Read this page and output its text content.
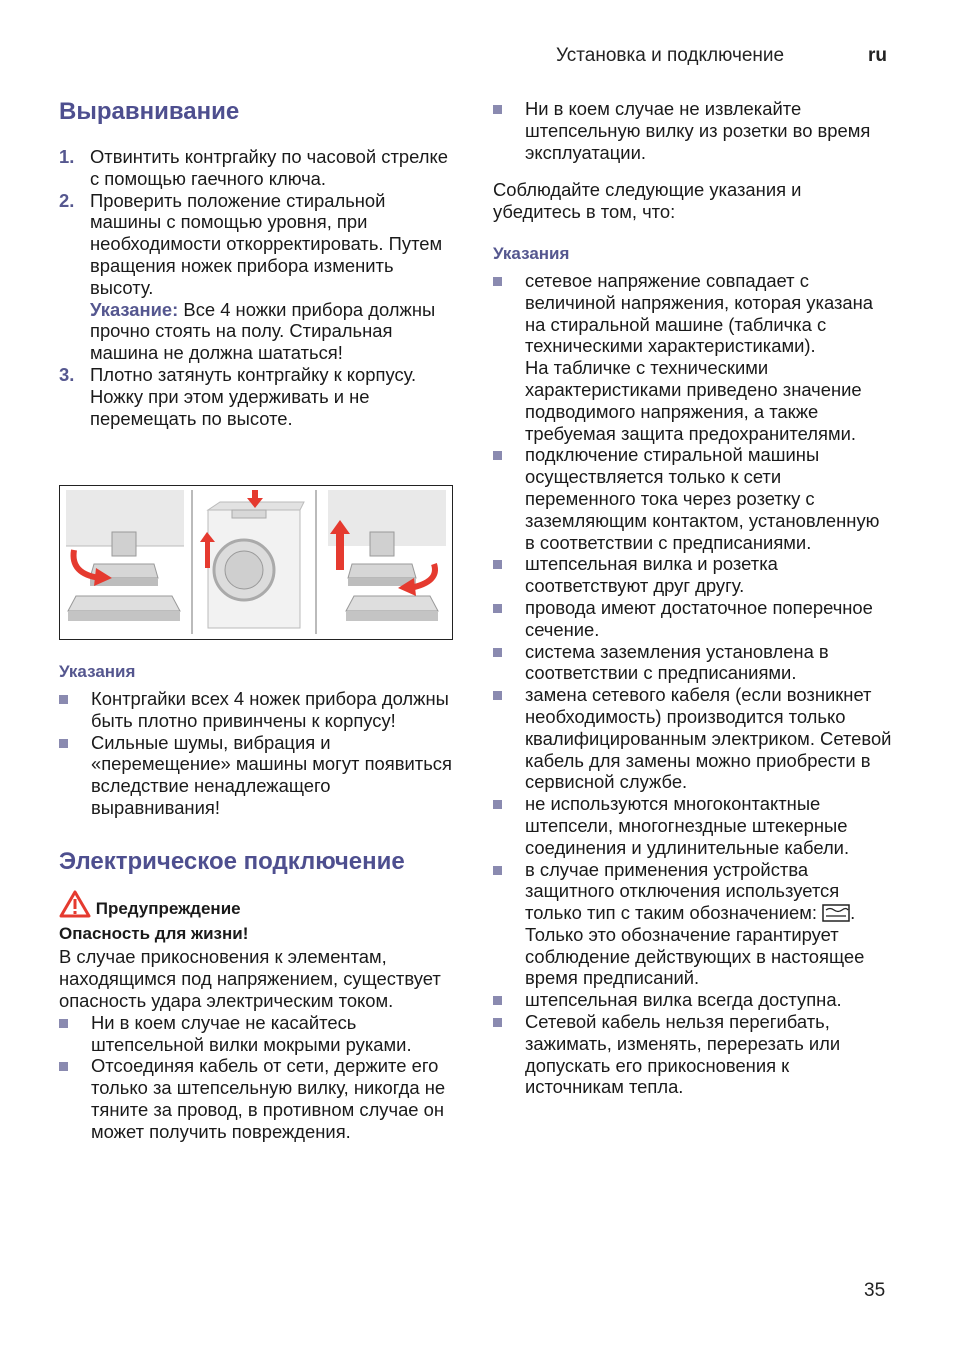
Установка и подключение	ru
Выравнивание
1. Отвинтить контргайку по часовой стрелке с помощью гаечного ключа.
2. Проверить положение стиральной машины с помощью уровня, при необходимости откорректировать. Путем вращения ножек прибора изменить высоту.
Указание: Все 4 ножки прибора должны прочно стоять на полу. Стиральная машина не должна шататься!
3. Плотно затянуть контргайку к корпусу.
Ножку при этом удерживать и не перемещать по высоте.
Указания
Контргайки всех 4 ножек прибора должны быть плотно привинчены к корпусу!
Сильные шумы, вибрация и «перемещение» машины могут появиться вследствие ненадлежащего выравнивания!
Электрическое подключение
Предупреждение
Опасность для жизни!

В случае прикосновения к элементам, находящимся под напряжением, существует опасность удара электрическим током.

Ни в коем случае не касайтесь штепсельной вилки мокрыми руками.
Отсоединяя кабель от сети, держите его только за штепсельную вилку, никогда не тяните за провод, в противном случае он может получить повреждения.
Ни в коем случае не извлекайте штепсельную вилку из розетки во время эксплуатации.

Соблюдайте следующие указания и убедитесь в том, что:

Указания
сетевое напряжение совпадает с величиной напряжения, которая указана на стиральной машине (табличка с техническими характеристиками).
На табличке с техническими характеристиками приведено значение подводимого напряжения, а также требуемая защита предохранителями.
подключение стиральной машины осуществляется только к сети переменного тока через розетку с заземляющим контактом, установленную в соответствии с предписаниями.
штепсельная вилка и розетка соответствуют друг другу.
провода имеют достаточное поперечное сечение.
система заземления установлена в соответствии с предписаниями.
замена сетевого кабеля (если возникнет необходимость) производится только квалифицированным электриком. Сетевой кабель для замены можно приобрести в сервисной службе.
не используются многоконтактные штепсели, многогнездные штекерные соединения и удлинительные кабели.
в случае применения устройства защитного отключения используется только тип с таким обозначением: .
Только это обозначение гарантирует соблюдение действующих в настоящее время предписаний.
штепсельная вилка всегда доступна.
Сетевой кабель нельзя перегибать, зажимать, изменять, перерезать или допускать его прикосновения к источникам тепла.
35
